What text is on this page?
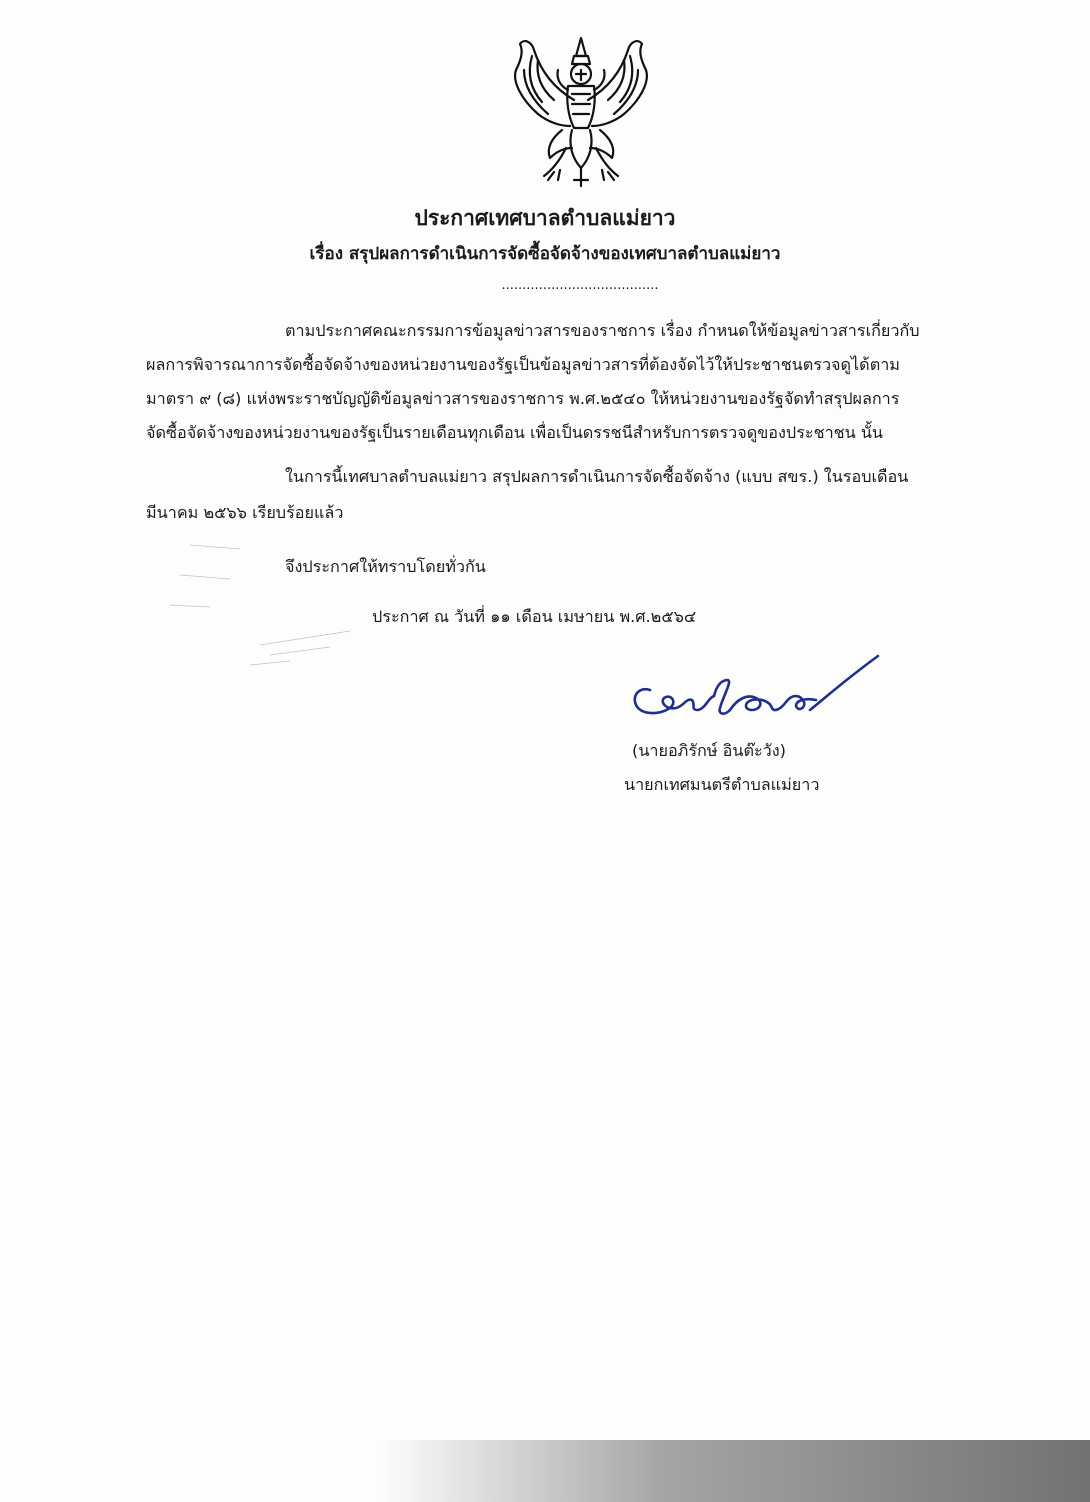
ประกาศเทศบาลตำบลแม่ยาว
เรื่อง สรุปผลการดำเนินการจัดซื้อจัดจ้างของเทศบาลตำบลแม่ยาว
......................................
ตามประกาศคณะกรรมการข้อมูลข่าวสารของราชการ เรื่อง กำหนดให้ข้อมูลข่าวสารเกี่ยวกับ
ผลการพิจารณาการจัดซื้อจัดจ้างของหน่วยงานของรัฐเป็นข้อมูลข่าวสารที่ต้องจัดไว้ให้ประชาชนตรวจดูได้ตาม
มาตรา ๙ (๘) แห่งพระราชบัญญัติข้อมูลข่าวสารของราชการ พ.ศ.๒๕๔๐ ให้หน่วยงานของรัฐจัดทำสรุปผลการ
จัดซื้อจัดจ้างของหน่วยงานของรัฐเป็นรายเดือนทุกเดือน เพื่อเป็นดรรชนีสำหรับการตรวจดูของประชาชน นั้น
ในการนี้เทศบาลตำบลแม่ยาว สรุปผลการดำเนินการจัดซื้อจัดจ้าง (แบบ สขร.) ในรอบเดือน
มีนาคม ๒๕๖๖ เรียบร้อยแล้ว
จึงประกาศให้ทราบโดยทั่วกัน
ประกาศ ณ วันที่ ๑๑ เดือน เมษายน พ.ศ.๒๕๖๔
(นายอภิรักษ์ อินต๊ะวัง)
นายกเทศมนตรีตำบลแม่ยาว
